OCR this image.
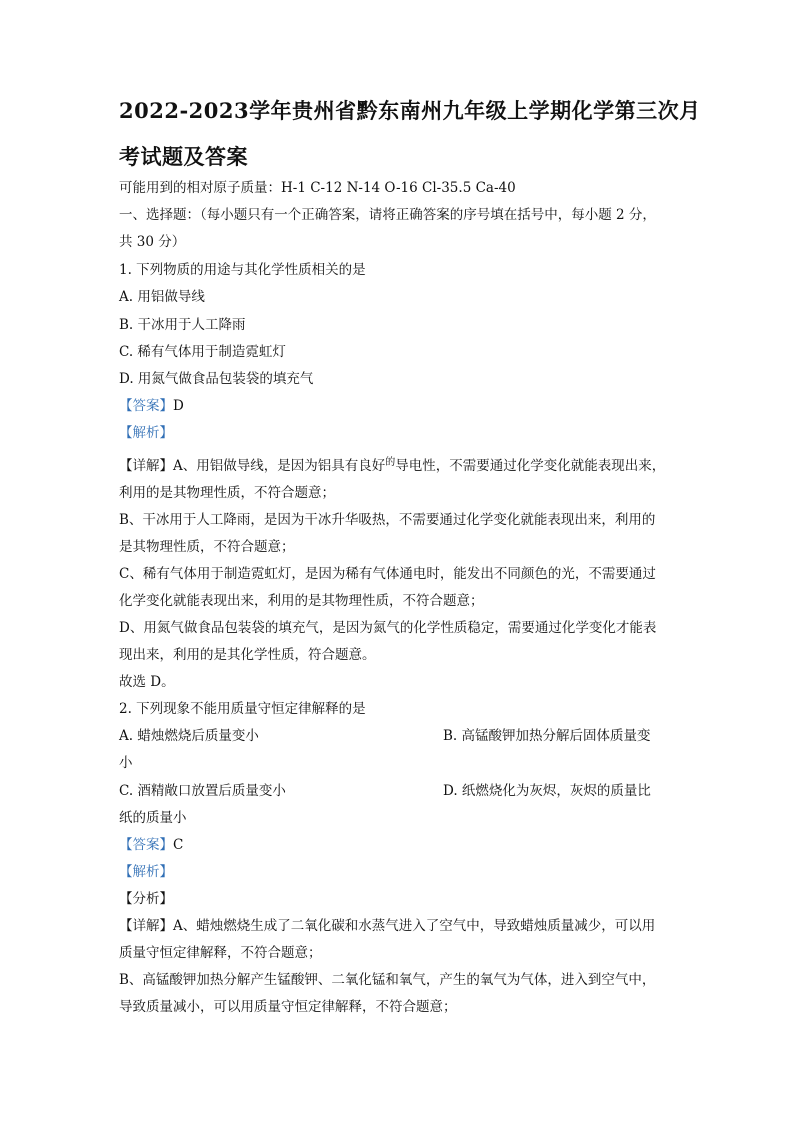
2022-2023学年贵州省黔东南州九年级上学期化学第三次月
考试题及答案
可能用到的相对原子质量：H-1 C-12 N-14 O-16 Cl-35.5 Ca-40
一、选择题：（每小题只有一个正确答案，请将正确答案的序号填在括号中，每小题 2 分，
共 30 分）
1. 下列物质的用途与其化学性质相关的是
A. 用铝做导线
B. 干冰用于人工降雨
C. 稀有气体用于制造霓虹灯
D. 用氮气做食品包装袋的填充气
【答案】D
【解析】
【详解】A、用铝做导线，是因为铝具有良好$^的$导电性，不需要通过化学变化就能表现出来，
利用的是其物理性质，不符合题意；
B、干冰用于人工降雨，是因为干冰升华吸热，不需要通过化学变化就能表现出来，利用的
是其物理性质，不符合题意；
C、稀有气体用于制造霓虹灯，是因为稀有气体通电时，能发出不同颜色的光，不需要通过
化学变化就能表现出来，利用的是其物理性质，不符合题意；
D、用氮气做食品包装袋的填充气，是因为氮气的化学性质稳定，需要通过化学变化才能表
现出来，利用的是其化学性质，符合题意。
故选 D。
2. 下列现象不能用质量守恒定律解释的是
A. 蜡烛燃烧后质量变小	B. 高锰酸钾加热分解后固体质量变
小
C. 酒精敞口放置后质量变小	D. 纸燃烧化为灰烬，灰烬的质量比
纸的质量小
【答案】C
【解析】
【分析】
【详解】A、蜡烛燃烧生成了二氧化碳和水蒸气进入了空气中，导致蜡烛质量减少，可以用
质量守恒定律解释，不符合题意；
B、高锰酸钾加热分解产生锰酸钾、二氧化锰和氧气，产生的氧气为气体，进入到空气中，
导致质量减小，可以用质量守恒定律解释，不符合题意；
